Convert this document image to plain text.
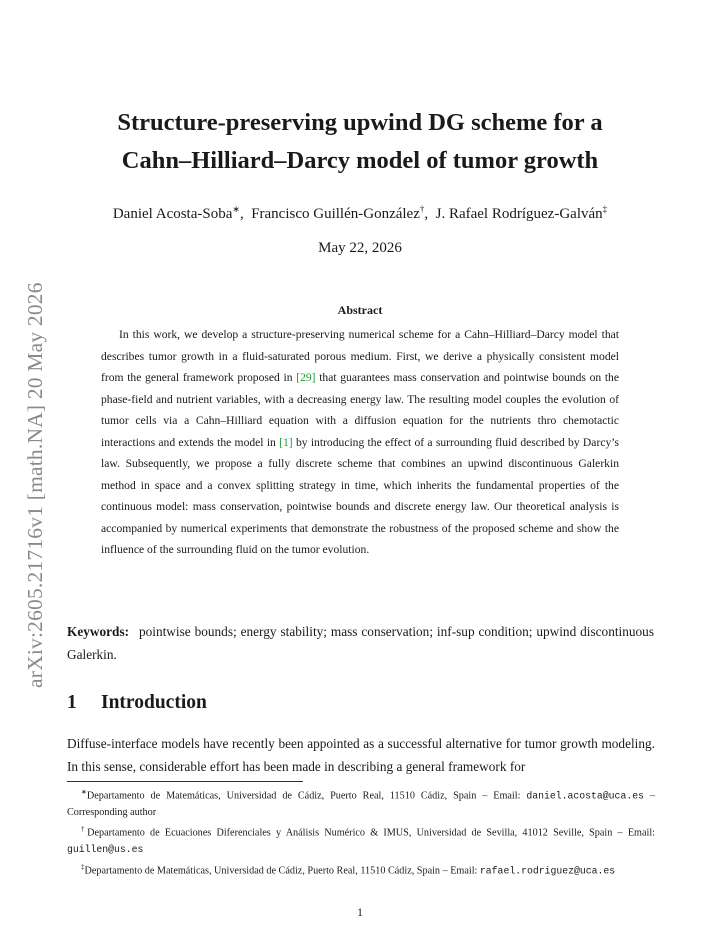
arXiv:2605.21716v1 [math.NA] 20 May 2026
Structure-preserving upwind DG scheme for a
Cahn–Hilliard–Darcy model of tumor growth
Daniel Acosta-Soba∗,  Francisco Guillén-González†,  J. Rafael Rodríguez-Galván‡
May 22, 2026
Abstract
In this work, we develop a structure-preserving numerical scheme for a Cahn–Hilliard–Darcy model that describes tumor growth in a fluid-saturated porous medium. First, we derive a physically consistent model from the general framework proposed in [29] that guarantees mass conservation and pointwise bounds on the phase-field and nutrient variables, with a decreasing energy law. The resulting model couples the evolution of tumor cells via a Cahn–Hilliard equation with a diffusion equation for the nutrients thro chemotactic interactions and extends the model in [1] by introducing the effect of a surrounding fluid described by Darcy’s law. Subsequently, we propose a fully discrete scheme that combines an upwind discontinuous Galerkin method in space and a convex splitting strategy in time, which inherits the fundamental properties of the continuous model: mass conservation, pointwise bounds and discrete energy law. Our theoretical analysis is accompanied by numerical experiments that demonstrate the robustness of the proposed scheme and show the influence of the surrounding fluid on the tumor evolution.
Keywords: pointwise bounds; energy stability; mass conservation; inf-sup condition; upwind discontinuous Galerkin.
1 Introduction
Diffuse-interface models have recently been appointed as a successful alternative for tumor growth modeling. In this sense, considerable effort has been made in describing a general framework for

∗Departamento de Matemáticas, Universidad de Cádiz, Puerto Real, 11510 Cádiz, Spain – Email: daniel.acosta@uca.es – Corresponding author

†Departamento de Ecuaciones Diferenciales y Análisis Numérico & IMUS, Universidad de Sevilla, 41012 Seville, Spain – Email: guillen@us.es

‡Departamento de Matemáticas, Universidad de Cádiz, Puerto Real, 11510 Cádiz, Spain – Email: rafael.rodriguez@uca.es

1
